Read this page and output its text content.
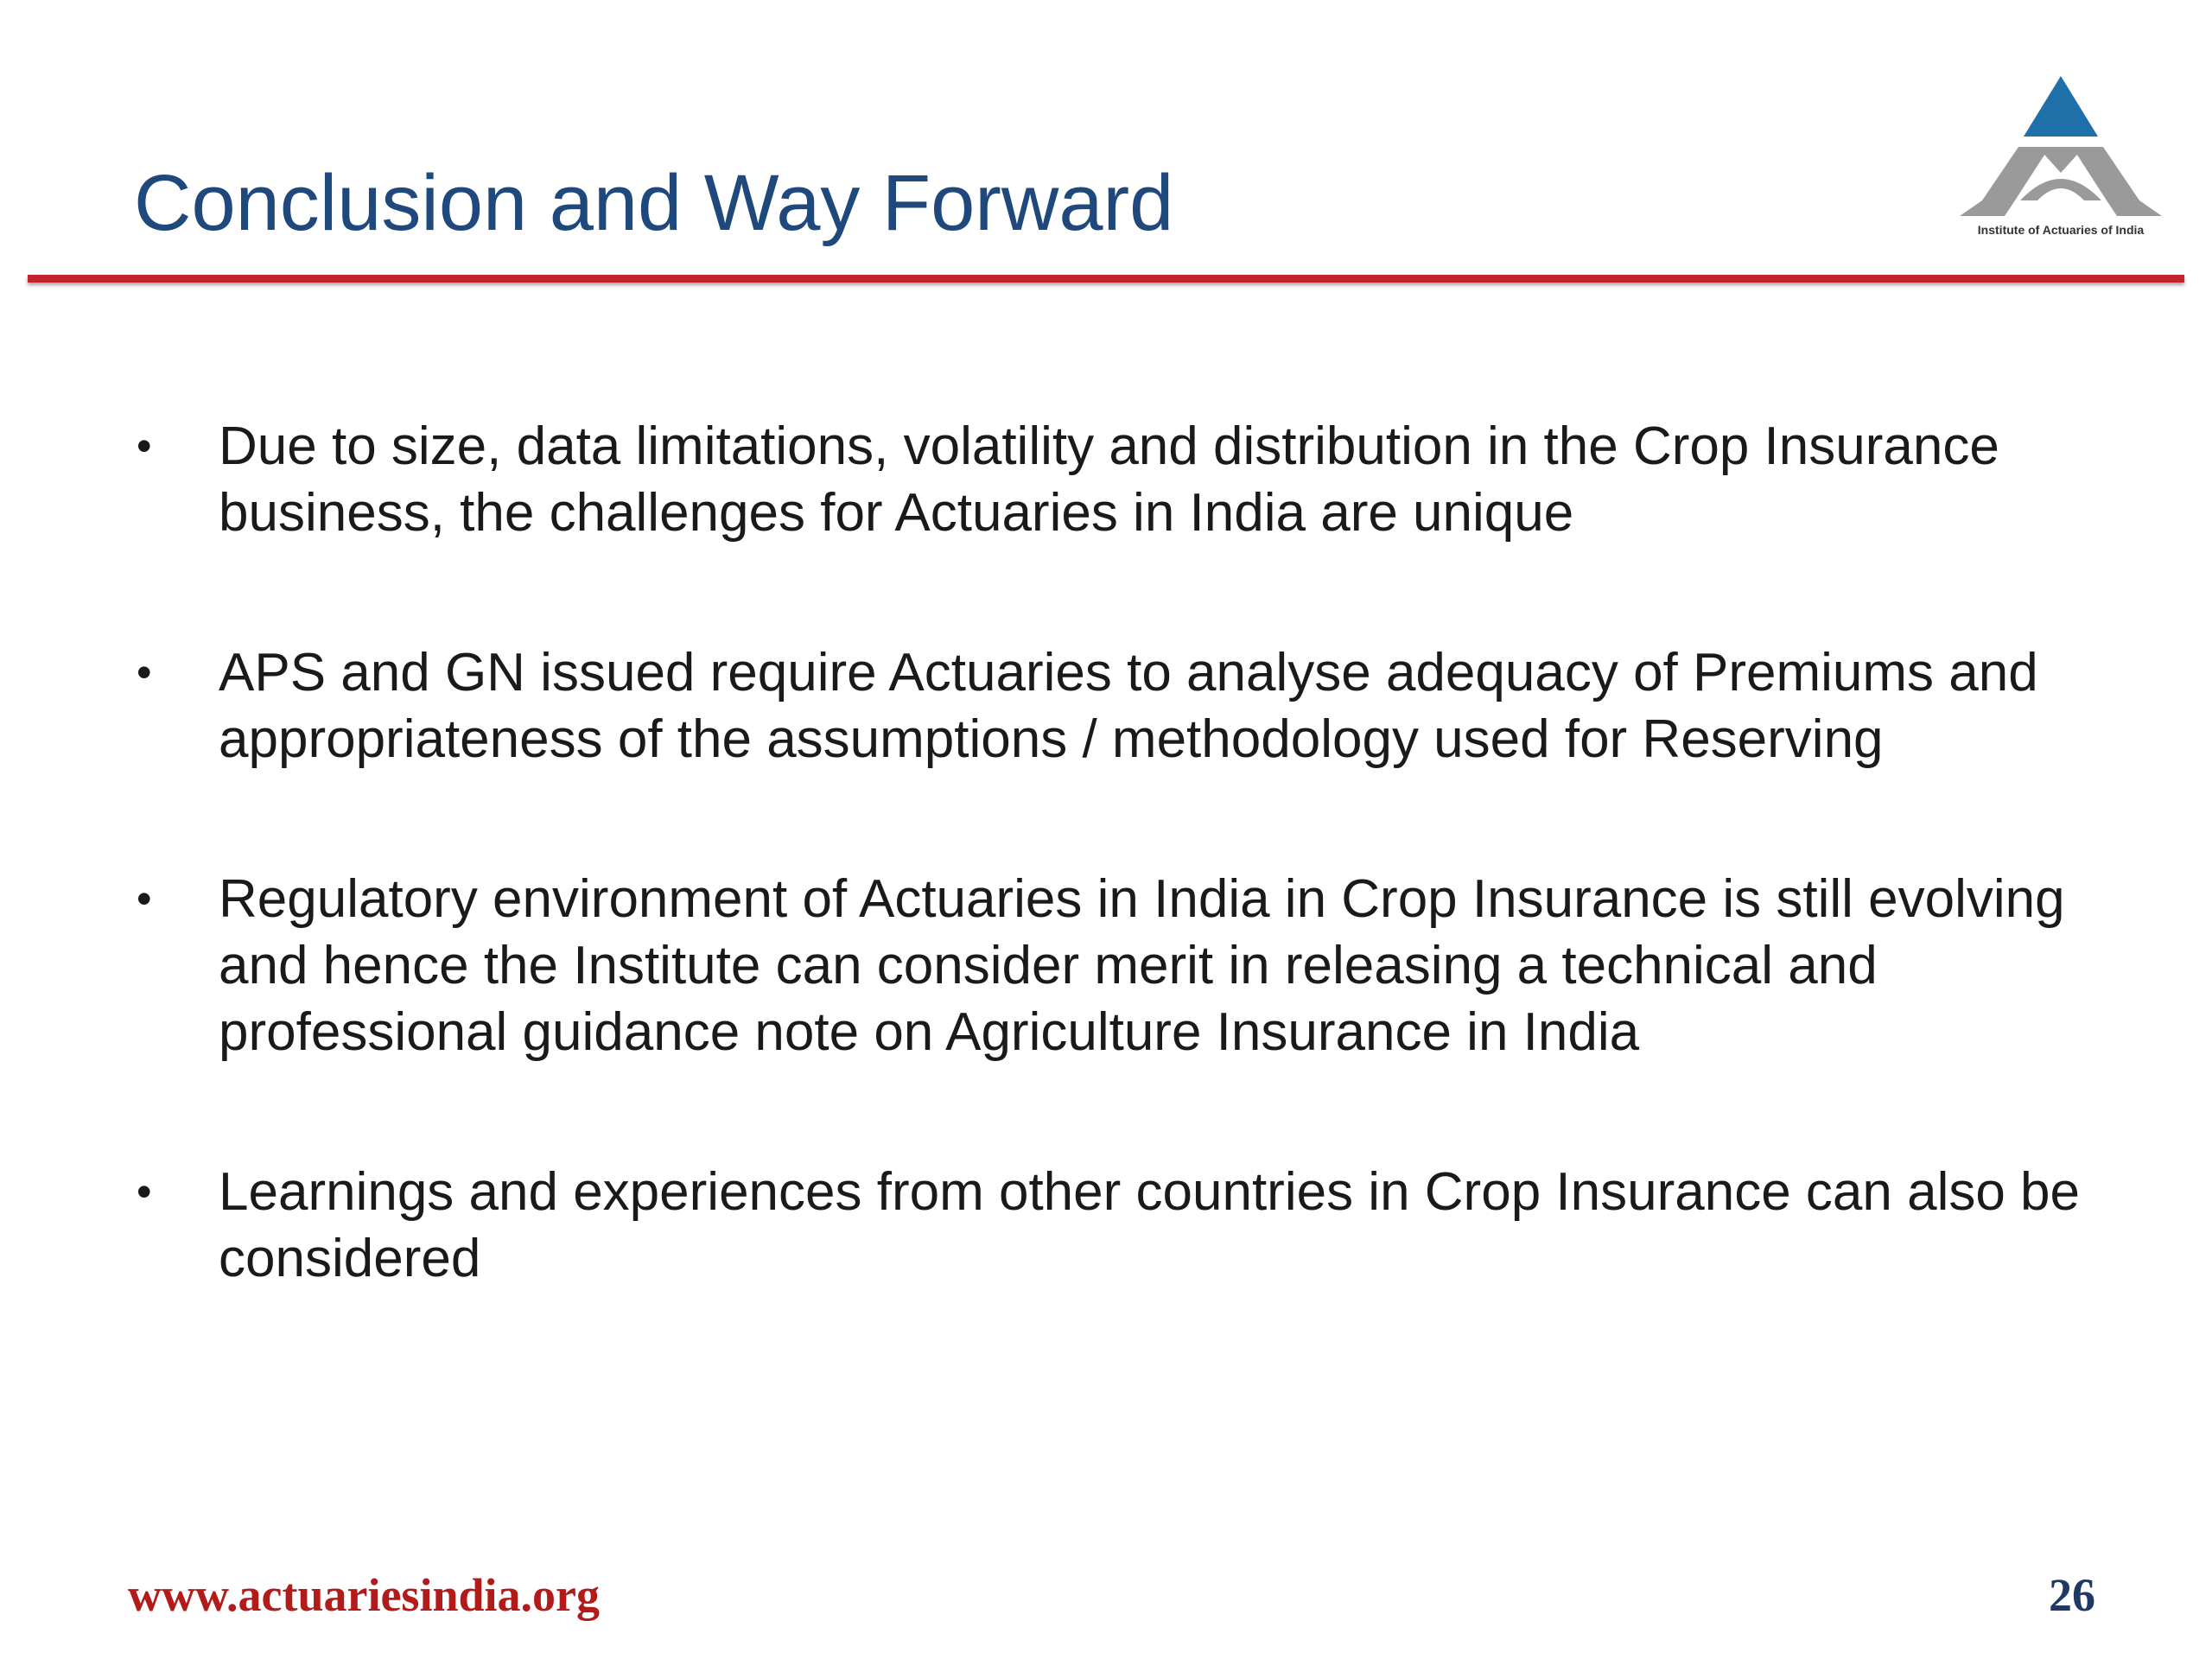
Conclusion and Way Forward	Institute of Actuaries of India
• Due to size, data limitations, volatility and distribution in the Crop Insurance business, the challenges for Actuaries in India are unique
• APS and GN issued require Actuaries to analyse adequacy of Premiums and appropriateness of the assumptions / methodology used for Reserving
• Regulatory environment of Actuaries in India in Crop Insurance is still evolving and hence the Institute can consider merit in releasing a technical and professional guidance note on Agriculture Insurance in India
• Learnings and experiences from other countries in Crop Insurance can also be considered
www.actuariesindia.org	26
